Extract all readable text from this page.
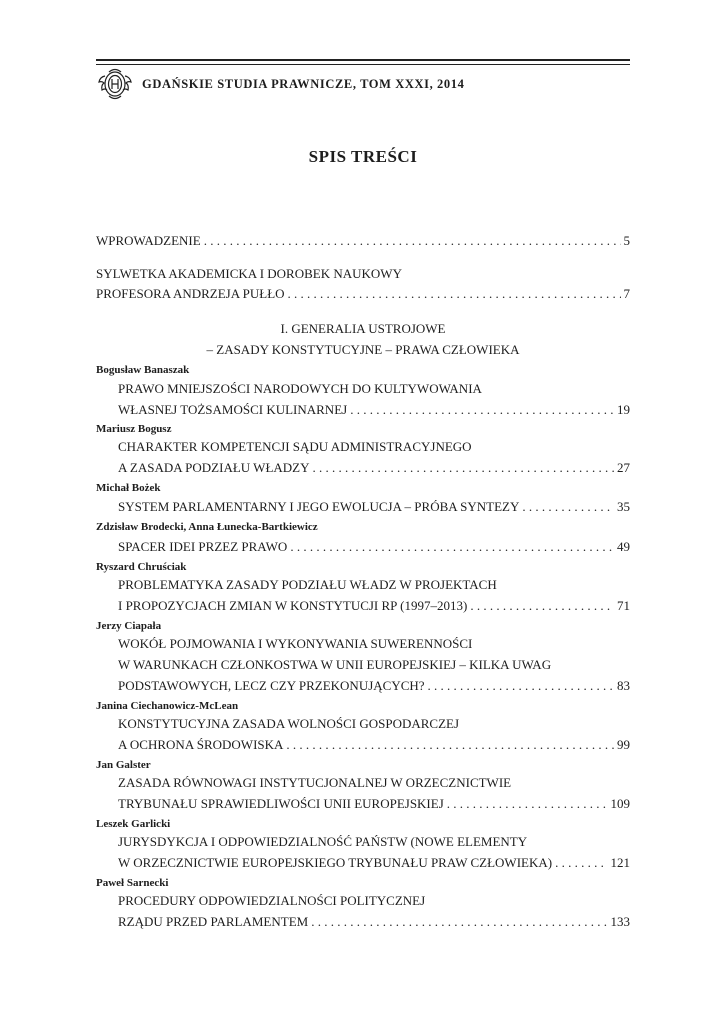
GDAŃSKIE STUDIA PRAWNICZE, TOM XXXI, 2014
SPIS TREŚCI
WPROWADZENIE . . .	5
SYLWETKA AKADEMICKA I DOROBEK NAUKOWY
PROFESORA ANDRZEJA PUŁŁO . . .	7
I. GENERALIA USTROJOWE
– ZASADY KONSTYTUCYJNE – PRAWA CZŁOWIEKA
Bogusław Banaszak
PRAWO MNIEJSZOŚCI NARODOWYCH DO KULTYWOWANIA
WŁASNEJ TOŻSAMOŚCI KULINARNEJ . . .	19
Mariusz Bogusz
CHARAKTER KOMPETENCJI SĄDU ADMINISTRACYJNEGO
A ZASADA PODZIAŁU WŁADZY . . .	27
Michał Bożek
SYSTEM PARLAMENTARNY I JEGO EWOLUCJA – PRÓBA SYNTEZY . . .	35
Zdzisław Brodecki, Anna Łunecka-Bartkiewicz
SPACER IDEI PRZEZ PRAWO . . .	49
Ryszard Chruściak
PROBLEMATYKA ZASADY PODZIAŁU WŁADZ W PROJEKTACH
I PROPOZYCJACH ZMIAN W KONSTYTUCJI RP (1997–2013) . . .	71
Jerzy Ciapała
WOKÓŁ POJMOWANIA I WYKONYWANIA SUWERENNOŚCI
W WARUNKACH CZŁONKOSTWA W UNII EUROPEJSKIEJ – KILKA UWAG
PODSTAWOWYCH, LECZ CZY PRZEKONUJĄCYCH? . . .	83
Janina Ciechanowicz-McLean
KONSTYTUCYJNA ZASADA WOLNOŚCI GOSPODARCZEJ
A OCHRONA ŚRODOWISKA . . .	99
Jan Galster
ZASADA RÓWNOWAGI INSTYTUCJONALNEJ W ORZECZNICTWIE
TRYBUNAŁU SPRAWIEDLIWOŚCI UNII EUROPEJSKIEJ . . .	109
Leszek Garlicki
JURYSDYKCJA I ODPOWIEDZIALNOŚĆ PAŃSTW (NOWE ELEMENTY
W ORZECZNICTWIE EUROPEJSKIEGO TRYBUNAŁU PRAW CZŁOWIEKA) . . .	121
Paweł Sarnecki
PROCEDURY ODPOWIEDZIALNOŚCI POLITYCZNEJ
RZĄDU PRZED PARLAMENTEM . . .	133
